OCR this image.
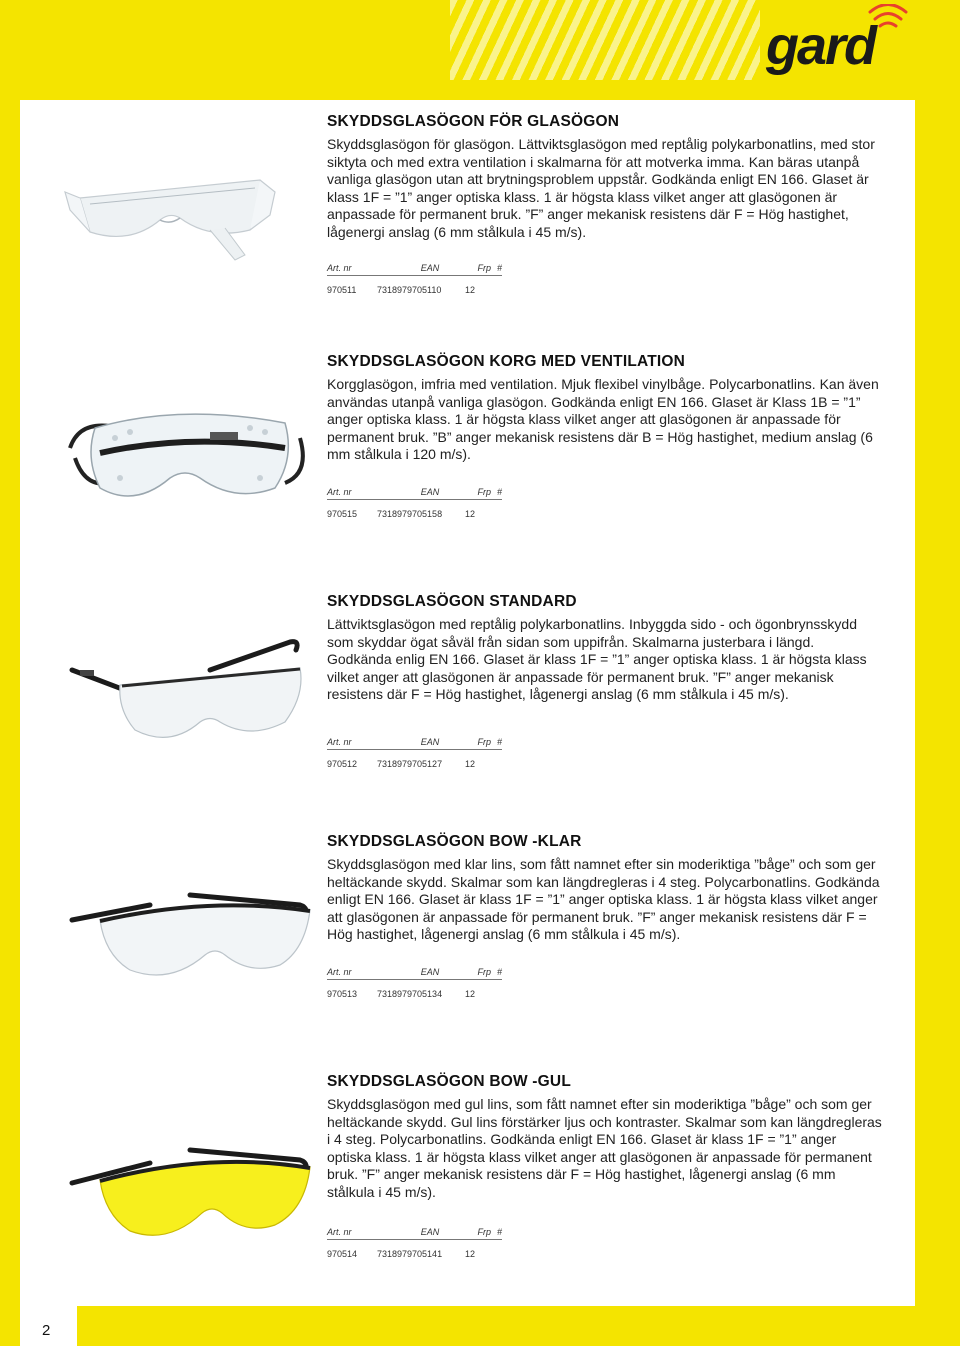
gard
SKYDDSGLASÖGON FÖR GLASÖGON

Skyddsglasögon för glasögon. Lättviktsglasögon med reptålig polykarbonatlins, med stor siktyta och med extra ventilation i skalmarna för att motverka imma. Kan bäras utanpå vanliga glasögon utan att brytningsproblem uppstår. Godkända enligt EN 166. Glaset är klass 1F = ”1” anger optiska klass. 1 är högsta klass vilket anger att glasögonen är anpassade för permanent bruk. ”F” anger mekanisk resistens där F = Hög hastighet, lågenergi anslag (6 mm stålkula i 45 m/s).

Art. nr	EAN	Frp #
970511	7318979705110	12
SKYDDSGLASÖGON KORG MED VENTILATION

Korgglasögon, imfria med ventilation. Mjuk flexibel vinylbåge. Polycarbonatlins. Kan även användas utanpå vanliga glasögon. Godkända enligt EN 166. Glaset är Klass 1B = ”1” anger optiska klass. 1 är högsta klass vilket anger att glasögonen är anpassade för permanent bruk. ”B” anger mekanisk resistens där B = Hög hastighet, medium anslag (6 mm stålkula i 120 m/s).

Art. nr	EAN	Frp #
970515	7318979705158	12
SKYDDSGLASÖGON STANDARD

Lättviktsglasögon med reptålig polykarbonatlins. Inbyggda sido - och ögonbrynsskydd som skyddar ögat såväl från sidan som uppifrån. Skalmarna justerbara i längd. Godkända enlig EN 166. Glaset är klass 1F = ”1” anger optiska klass. 1 är högsta klass vilket anger att glasögonen är anpassade för permanent bruk. ”F” anger mekanisk resistens där F = Hög hastighet, lågenergi anslag (6 mm stålkula i 45 m/s).

Art. nr	EAN	Frp #
970512	7318979705127	12
SKYDDSGLASÖGON BOW -KLAR

Skyddsglasögon med klar lins, som fått namnet efter sin moderiktiga ”båge” och som ger heltäckande skydd. Skalmar som kan längdregleras i 4 steg. Polycarbonatlins. Godkända enligt EN 166. Glaset är klass 1F = ”1” anger optiska klass. 1 är högsta klass vilket anger att glasögonen är anpassade för permanent bruk. ”F” anger mekanisk resistens där F = Hög hastighet, lågenergi anslag (6 mm stålkula i 45 m/s).

Art. nr	EAN	Frp #
970513	7318979705134	12
SKYDDSGLASÖGON BOW -GUL

Skyddsglasögon med gul lins, som fått namnet efter sin moderiktiga ”båge” och som ger heltäckande skydd. Gul lins förstärker ljus och kontraster. Skalmar som kan längdregleras i 4 steg. Polycarbonatlins. Godkända enligt EN 166. Glaset är klass 1F = ”1” anger optiska klass. 1 är högsta klass vilket anger att glasögonen är anpassade för permanent bruk. ”F” anger mekanisk resistens där F = Hög hastighet, lågenergi anslag (6 mm stålkula i 45 m/s).

Art. nr	EAN	Frp #
970514	7318979705141	12
2
